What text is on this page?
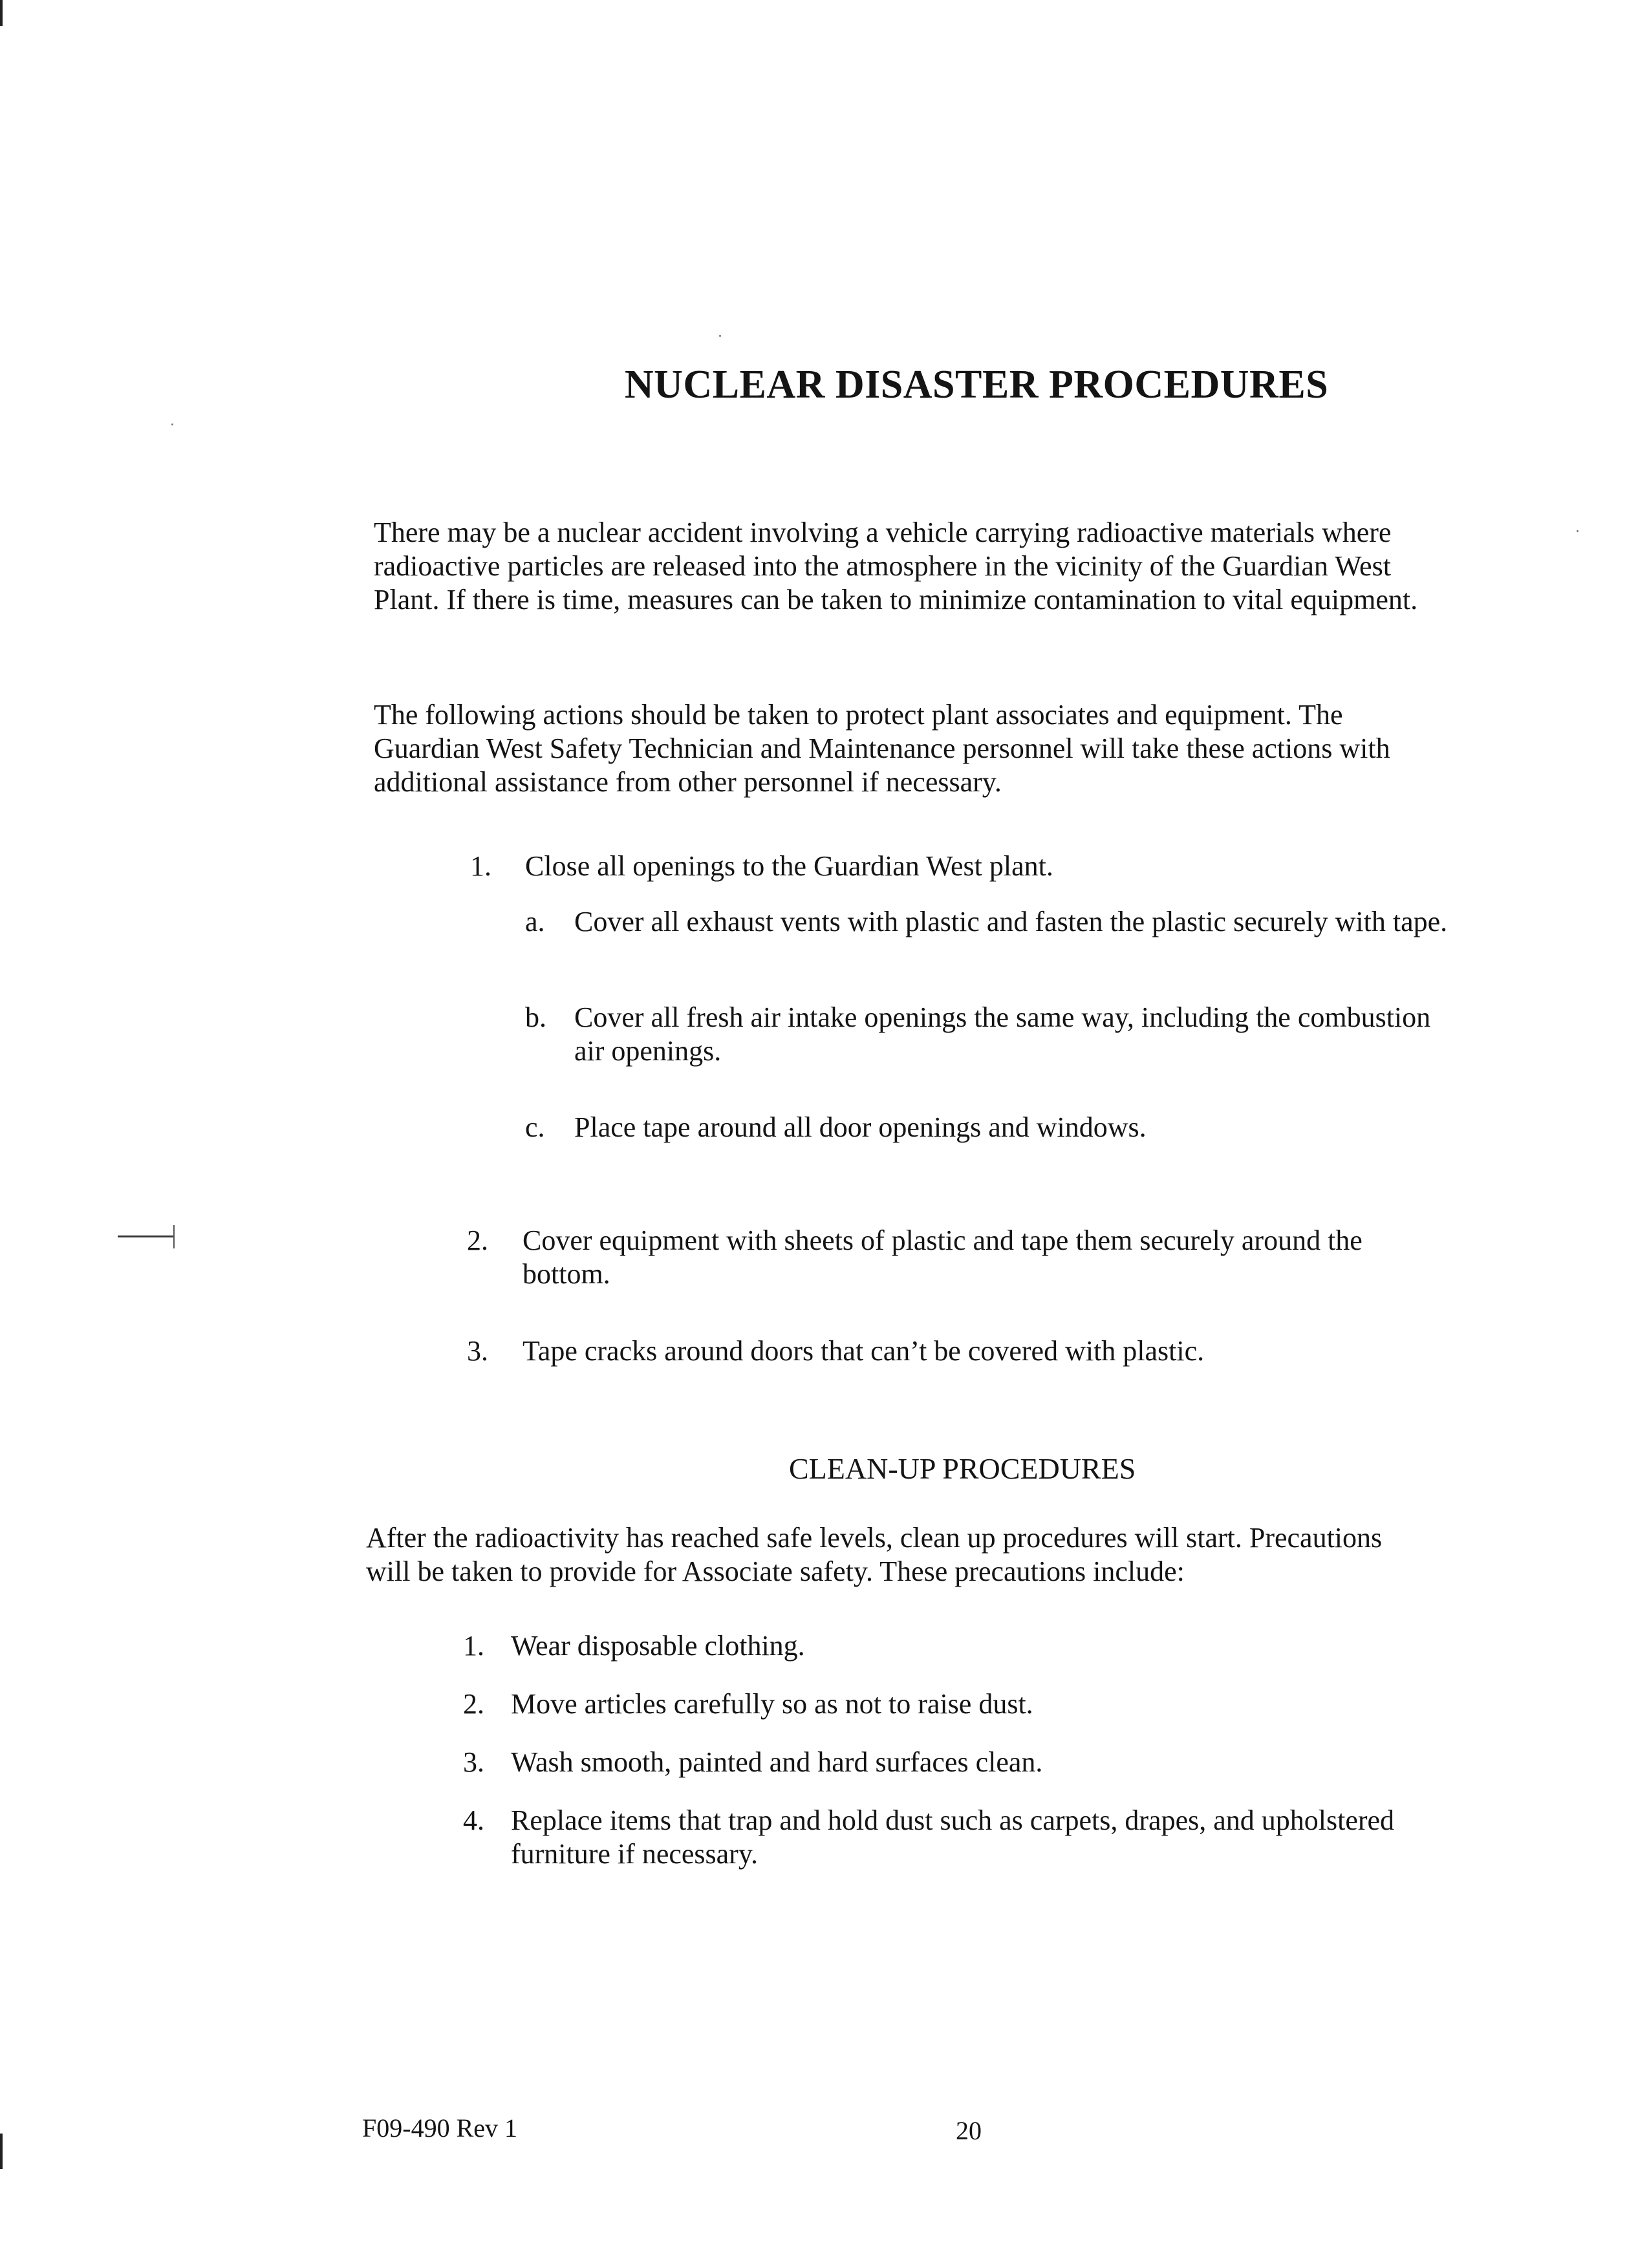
NUCLEAR DISASTER PROCEDURES
There may be a nuclear accident involving a vehicle carrying radioactive materials where
radioactive particles are released into the atmosphere in the vicinity of the Guardian West
Plant. If there is time, measures can be taken to minimize contamination to vital equipment.
The following actions should be taken to protect plant associates and equipment. The
Guardian West Safety Technician and Maintenance personnel will take these actions with
additional assistance from other personnel if necessary.
1. Close all openings to the Guardian West plant.
a. Cover all exhaust vents with plastic and fasten the plastic securely with tape.
b. Cover all fresh air intake openings the same way, including the combustion
air openings.
c. Place tape around all door openings and windows.
2. Cover equipment with sheets of plastic and tape them securely around the
bottom.
3. Tape cracks around doors that can’t be covered with plastic.
CLEAN-UP PROCEDURES
After the radioactivity has reached safe levels, clean up procedures will start. Precautions
will be taken to provide for Associate safety. These precautions include:
1. Wear disposable clothing.
2. Move articles carefully so as not to raise dust.
3. Wash smooth, painted and hard surfaces clean.
4. Replace items that trap and hold dust such as carpets, drapes, and upholstered
furniture if necessary.
F09-490 Rev 1	20
